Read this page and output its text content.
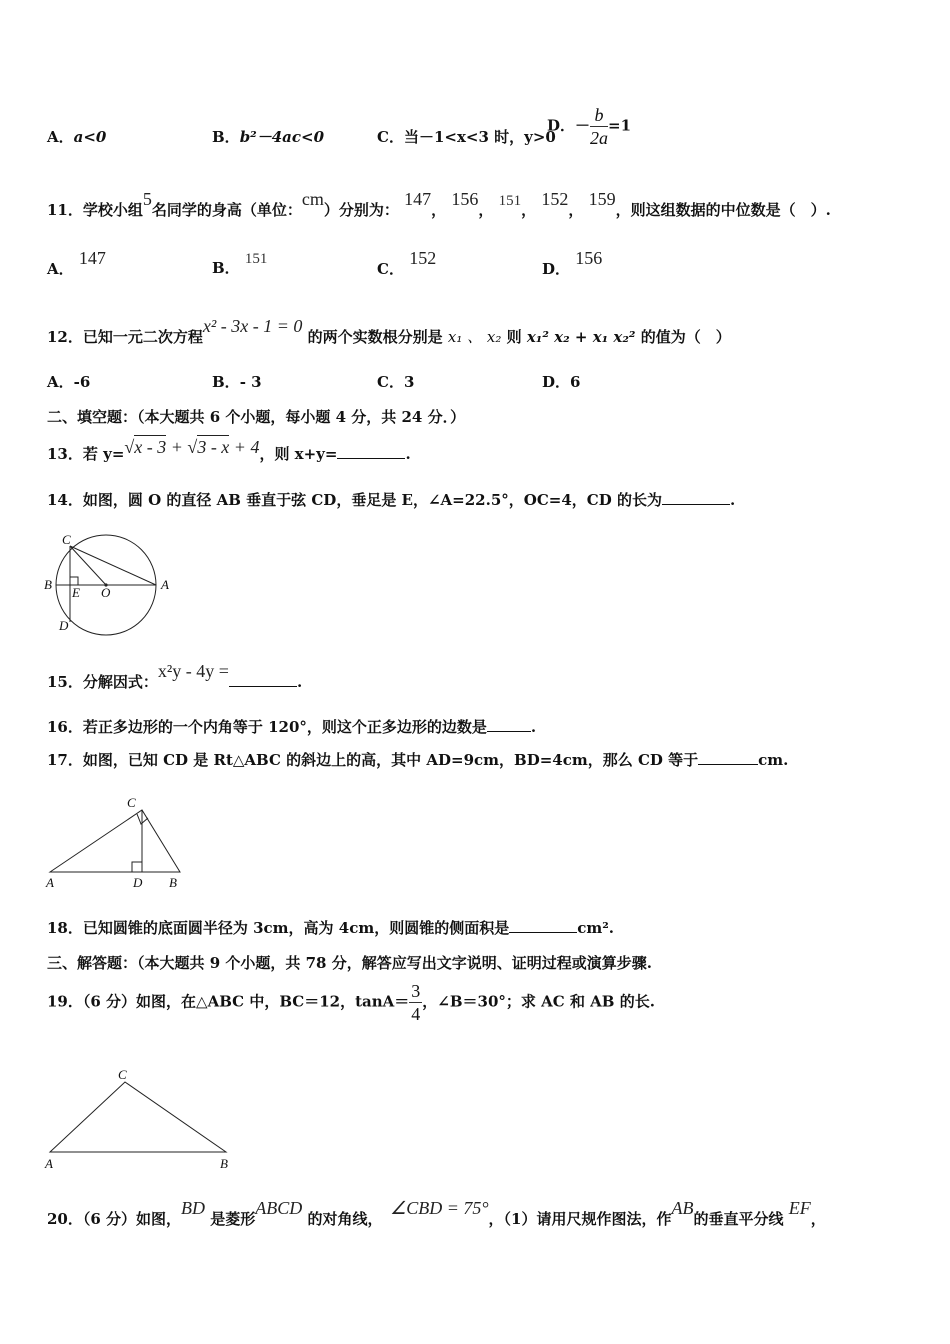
A．a<0	B．b²－4ac<0	C．当－1<x<3 时，y>0
D．－ $\frac{b}{2a} =1$
11．学校小组5名同学的身高（单位：cm）分别为： 147， 156， 151， 152， 159，则这组数据的中位数是（　）.
A． 147	B． 151
C． 152
D． 156
12．已知一元二次方程x² - 3x - 1 = 0 的两个实数根分别是 x₁ 、 x₂ 则 x₁² x₂ + x₁ x₂² 的值为（　）
A．-6	B．- 3	C．3	D．6
二、填空题：（本大题共 6 个小题，每小题 4 分，共 24 分．）
13．若 y=√x - 3 + √3 - x + 4，则 x+y=	.
14．如图，圆 O 的直径 AB 垂直于弦 CD，垂足是 E，∠A=22.5°，OC=4，CD 的长为	.
C
B
E O
A
D
15．分解因式：x²y - 4y =.
16．若正多边形的一个内角等于 120°，则这个正多边形的边数是	.
17．如图，已知 CD 是 Rt△ABC 的斜边上的高，其中 AD=9cm，BD=4cm，那么 CD 等于	cm.
C
A	D B
18．已知圆锥的底面圆半径为 3cm，高为 4cm，则圆锥的侧面积是	cm².
三、解答题：（本大题共 9 个小题，共 78 分，解答应写出文字说明、证明过程或演算步骤.
19．（6 分）如图，在△ABC 中，BC＝12，$\tan A= \frac{3}{4}$ ，∠B＝30°；求 AC 和 AB 的长.
C
A	B
20．（6 分）如图，BD 是菱形ABCD 的对角线，　∠CBD = 75°，（1）请用尺规作图法，作AB的垂直平分线 EF，
